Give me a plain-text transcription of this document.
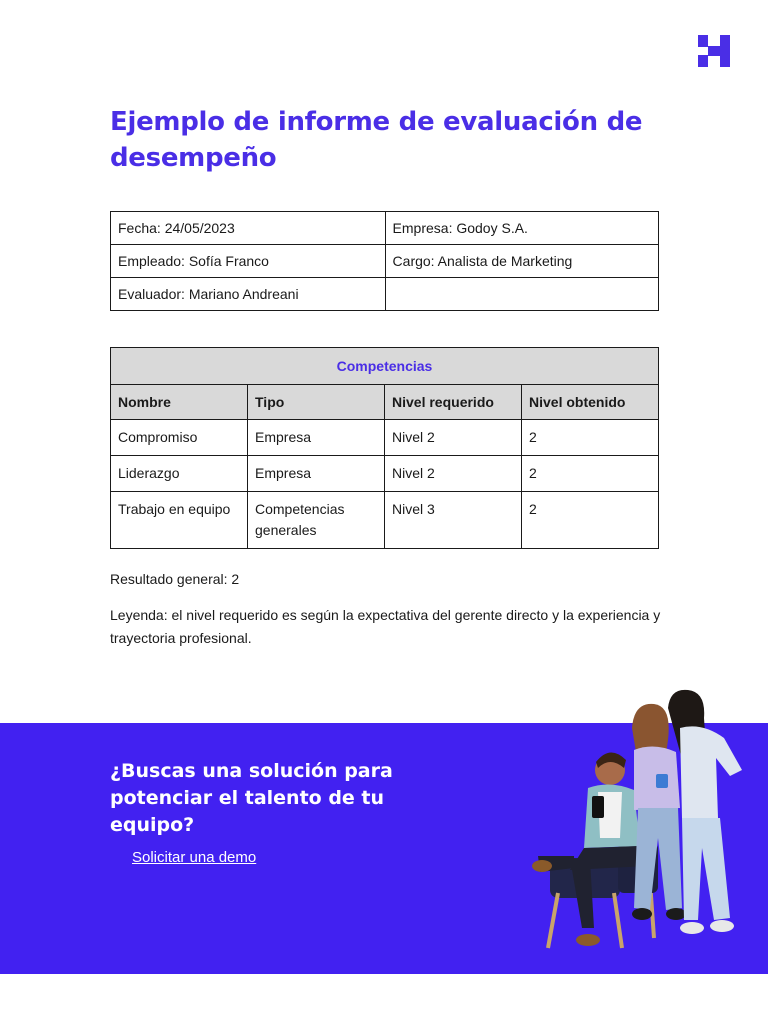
Ejemplo de informe de evaluación de desempeño
Fecha: 24/05/2023	Empresa: Godoy S.A.
Empleado: Sofía Franco	Cargo: Analista de Marketing
Evaluador: Mariano Andreani	
Competencias			
Nombre	Tipo	Nivel requerido	Nivel obtenido
Compromiso	Empresa	Nivel 2	2
Liderazgo	Empresa	Nivel 2	2
Trabajo en equipo	Competencias generales	Nivel 3	2

Resultado general: 2

Leyenda: el nivel requerido es según la expectativa del gerente directo y la experiencia y trayectoria profesional.

¿Buscas una solución para potenciar el talento de tu equipo?
Solicitar una demo
